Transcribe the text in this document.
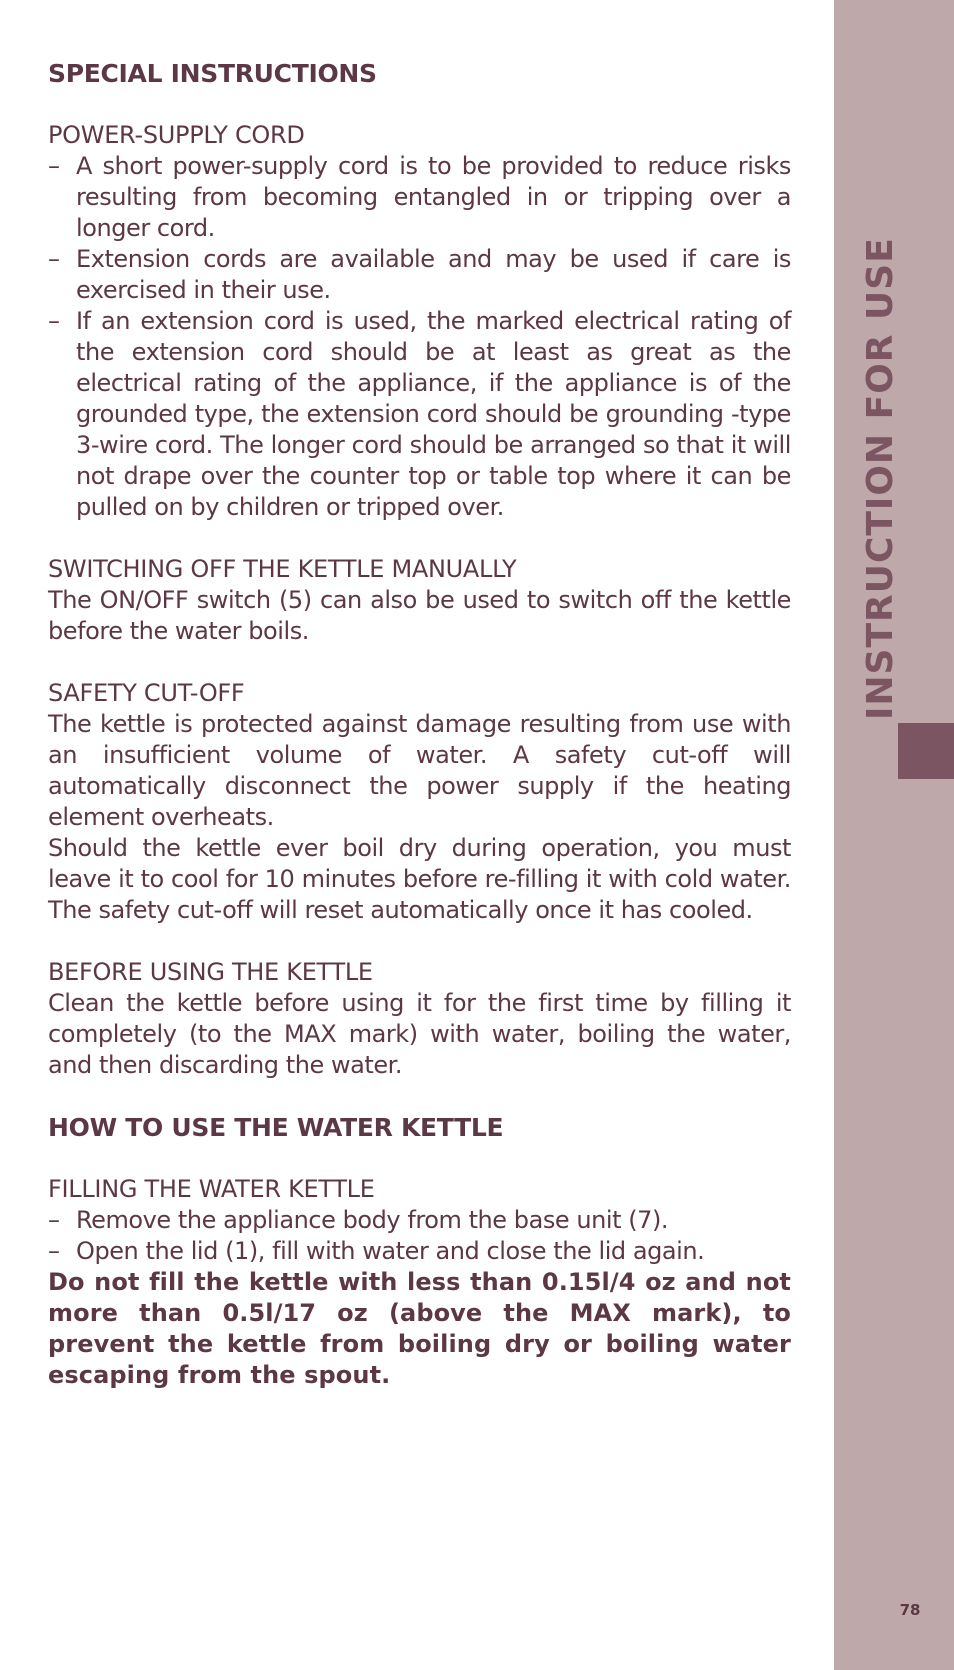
SPECIAL INSTRUCTIONS

POWER-SUPPLY CORD

– A short power-supply cord is to be provided to reduce risks resulting from becoming entangled in or tripping over a longer cord.
– Extension cords are available and may be used if care is exercised in their use.
– If an extension cord is used, the marked electrical rating of the extension cord should be at least as great as the electrical rating of the appliance, if the appliance is of the grounded type, the extension cord should be grounding -type 3-wire cord. The longer cord should be arranged so that it will not drape over the counter top or table top where it can be pulled on by children or tripped over.

SWITCHING OFF THE KETTLE MANUALLY

The ON/OFF switch (5) can also be used to switch off the kettle before the water boils.

SAFETY CUT-OFF

The kettle is protected against damage resulting from use with an insufficient volume of water. A safety cut-off will automatically disconnect the power supply if the heating element overheats.

Should the kettle ever boil dry during operation, you must leave it to cool for 10 minutes before re-filling it with cold water. The safety cut-off will reset automatically once it has cooled.

BEFORE USING THE KETTLE

Clean the kettle before using it for the first time by filling it completely (to the MAX mark) with water, boiling the water, and then discarding the water.

HOW TO USE THE WATER KETTLE

FILLING THE WATER KETTLE

– Remove the appliance body from the base unit (7).
– Open the lid (1), fill with water and close the lid again.

Do not fill the kettle with less than 0.15l/4 oz and not more than 0.5l/17 oz (above the MAX mark), to prevent the kettle from boiling dry or boiling water escaping from the spout.

INSTRUCTION FOR USE
78
